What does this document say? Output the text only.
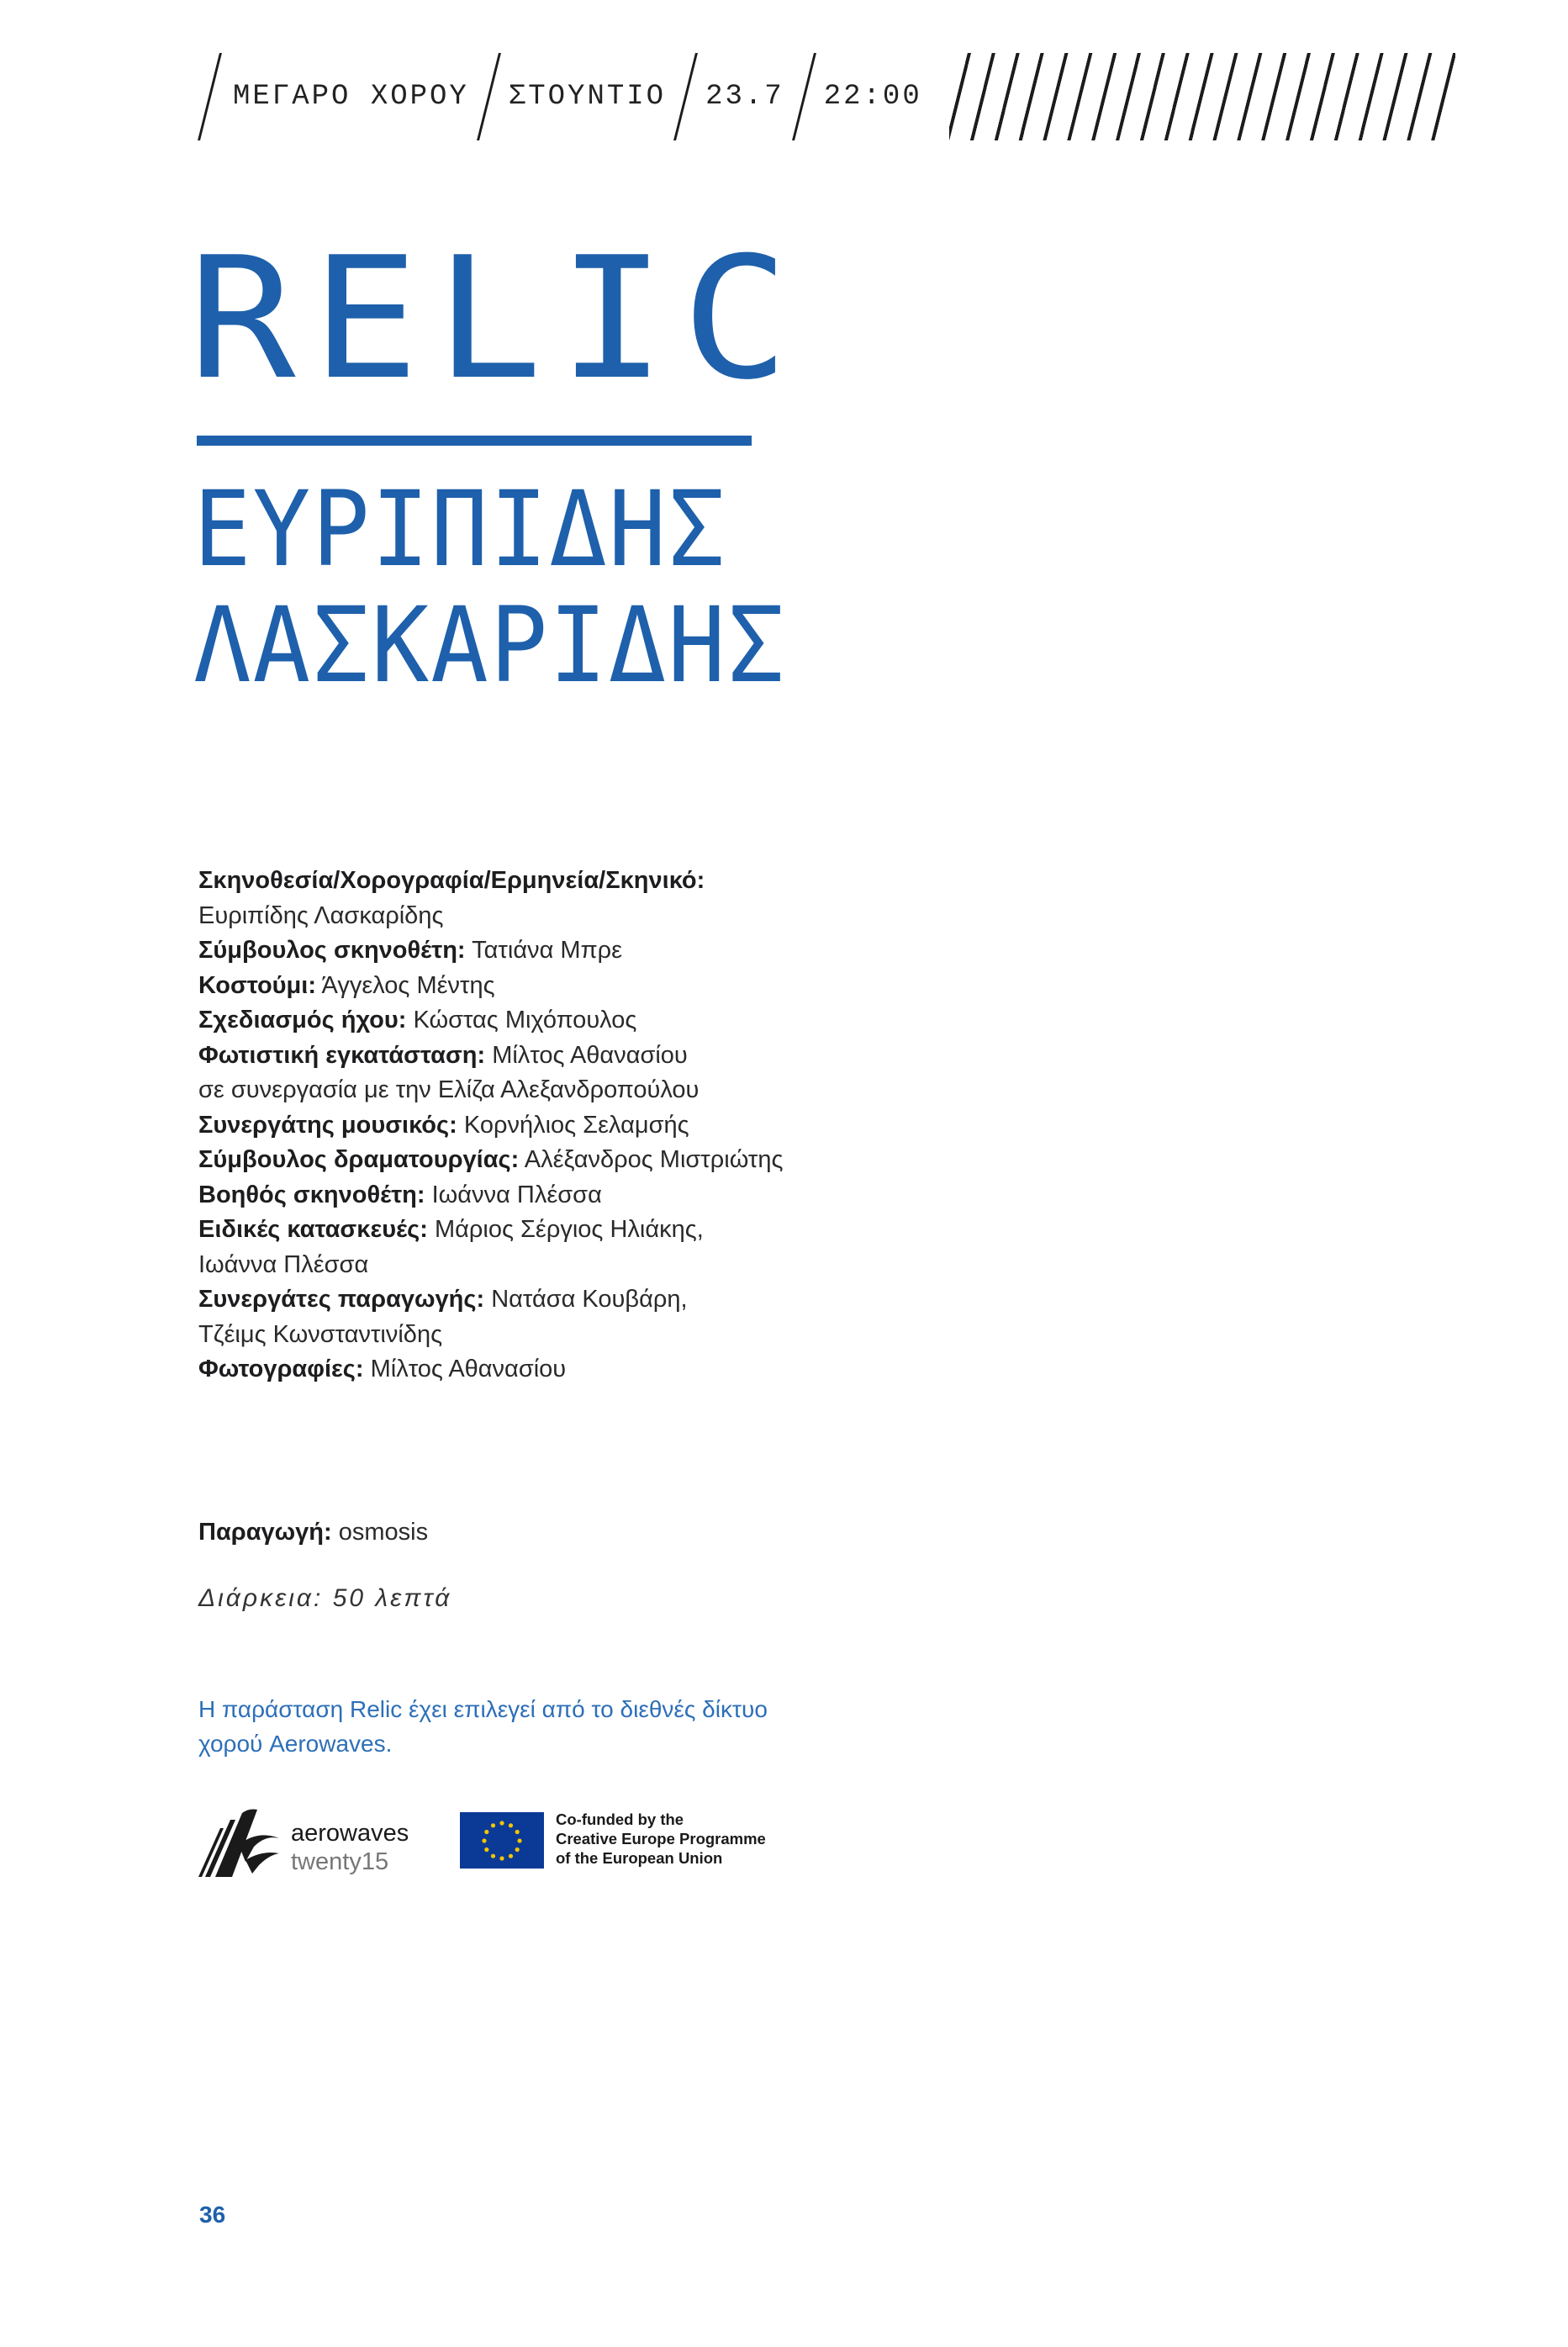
ΜΕΓΑΡΟ ΧΟΡΟΥ ΣΤΟΥΝΤΙΟ 23.7 22:00
RELIC
ΕΥΡΙΠΙΔΗΣ
ΛΑΣΚΑΡΙΔΗΣ
Σκηνοθεσία/Χορογραφία/Ερμηνεία/Σκηνικό:
Ευριπίδης Λασκαρίδης
Σύμβουλος σκηνοθέτη: Τατιάνα Μπρε
Κοστούμι: Άγγελος Μέντης
Σχεδιασμός ήχου: Κώστας Μιχόπουλος
Φωτιστική εγκατάσταση: Μίλτος Αθανασίου
σε συνεργασία με την Ελίζα Αλεξανδροπούλου
Συνεργάτης μουσικός: Κορνήλιος Σελαμσής
Σύμβουλος δραματουργίας: Αλέξανδρος Μιστριώτης
Βοηθός σκηνοθέτη: Ιωάννα Πλέσσα
Ειδικές κατασκευές: Μάριος Σέργιος Ηλιάκης,
Ιωάννα Πλέσσα
Συνεργάτες παραγωγής: Νατάσα Κουβάρη,
Τζέιμς Κωνσταντινίδης
Φωτογραφίες: Μίλτος Αθανασίου
Παραγωγή: osmosis
Διάρκεια: 50 λεπτά
Η παράσταση Relic έχει επιλεγεί από το διεθνές δίκτυο χορού Aerowaves.
aerowaves
twenty15
Co-funded by the
Creative Europe Programme
of the European Union
36
